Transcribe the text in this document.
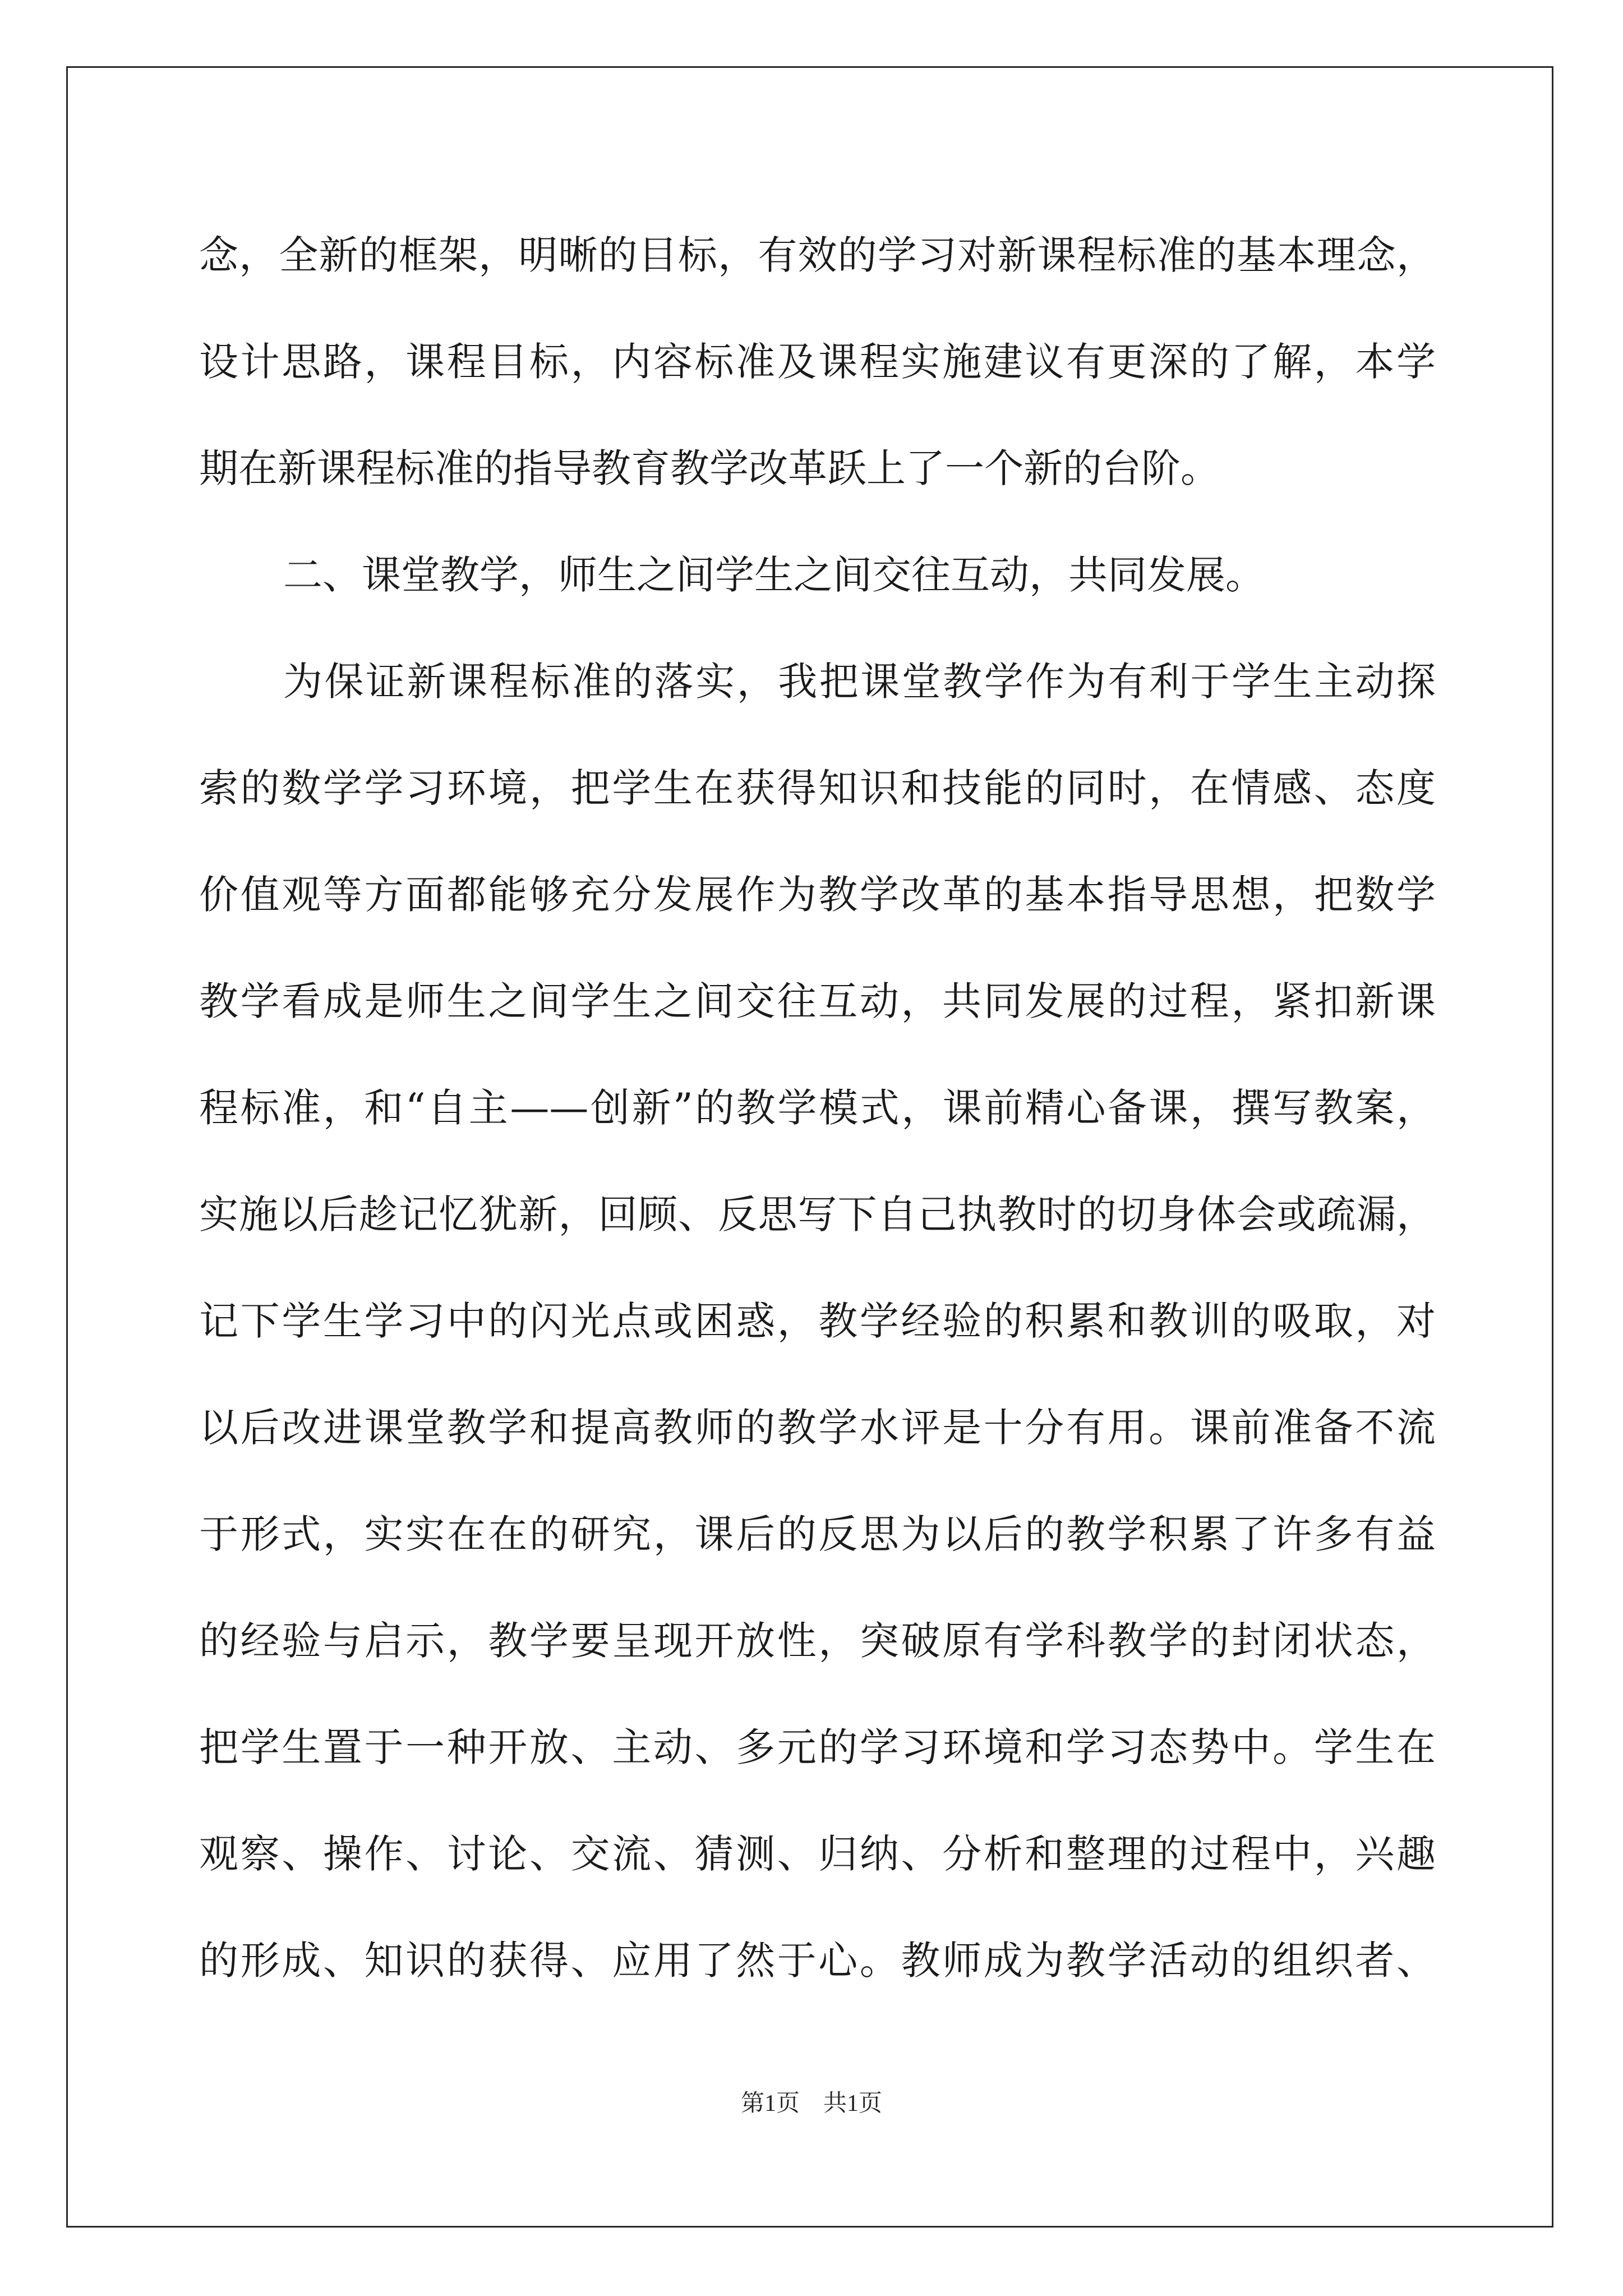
念，全新的框架，明晰的目标，有效的学习对新课程标准的基本理念，
设计思路，课程目标，内容标准及课程实施建议有更深的了解，本学
期在新课程标准的指导教育教学改革跃上了一个新的台阶。
二、课堂教学，师生之间学生之间交往互动，共同发展。
为保证新课程标准的落实，我把课堂教学作为有利于学生主动探
索的数学学习环境，把学生在获得知识和技能的同时，在情感、态度
价值观等方面都能够充分发展作为教学改革的基本指导思想，把数学
教学看成是师生之间学生之间交往互动，共同发展的过程，紧扣新课
程标准，和“自主——创新”的教学模式，课前精心备课，撰写教案，
实施以后趁记忆犹新，回顾、反思写下自己执教时的切身体会或疏漏，
记下学生学习中的闪光点或困惑，教学经验的积累和教训的吸取，对
以后改进课堂教学和提高教师的教学水评是十分有用。课前准备不流
于形式，实实在在的研究，课后的反思为以后的教学积累了许多有益
的经验与启示，教学要呈现开放性，突破原有学科教学的封闭状态，
把学生置于一种开放、主动、多元的学习环境和学习态势中。学生在
观察、操作、讨论、交流、猜测、归纳、分析和整理的过程中，兴趣
的形成、知识的获得、应用了然于心。教师成为教学活动的组织者、
第1页　共1页
